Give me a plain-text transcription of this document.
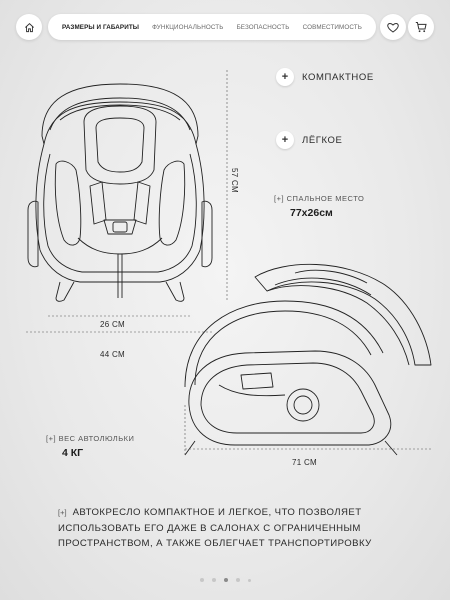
РАЗМЕРЫ И ГАБАРИТЫ ФУНКЦИОНАЛЬНОСТЬ БЕЗОПАСНОСТЬ СОВМЕСТИМОСТЬ
57 СМ
26 СМ
44 СМ
+	КОМПАКТНОЕ
+	ЛЁГКОЕ
[+] СПАЛЬНОЕ МЕСТО
77х26см
[+] ВЕС АВТОЛЮЛЬКИ
4 КГ
71 СМ

[+] АВТОКРЕСЛО КОМПАКТНОЕ И ЛЕГКОЕ, ЧТО ПОЗВОЛЯЕТ ИСПОЛЬЗОВАТЬ ЕГО ДАЖЕ В САЛОНАХ С ОГРАНИЧЕННЫМ ПРОСТРАНСТВОМ, А ТАКЖЕ ОБЛЕГЧАЕТ ТРАНСПОРТИРОВКУ
